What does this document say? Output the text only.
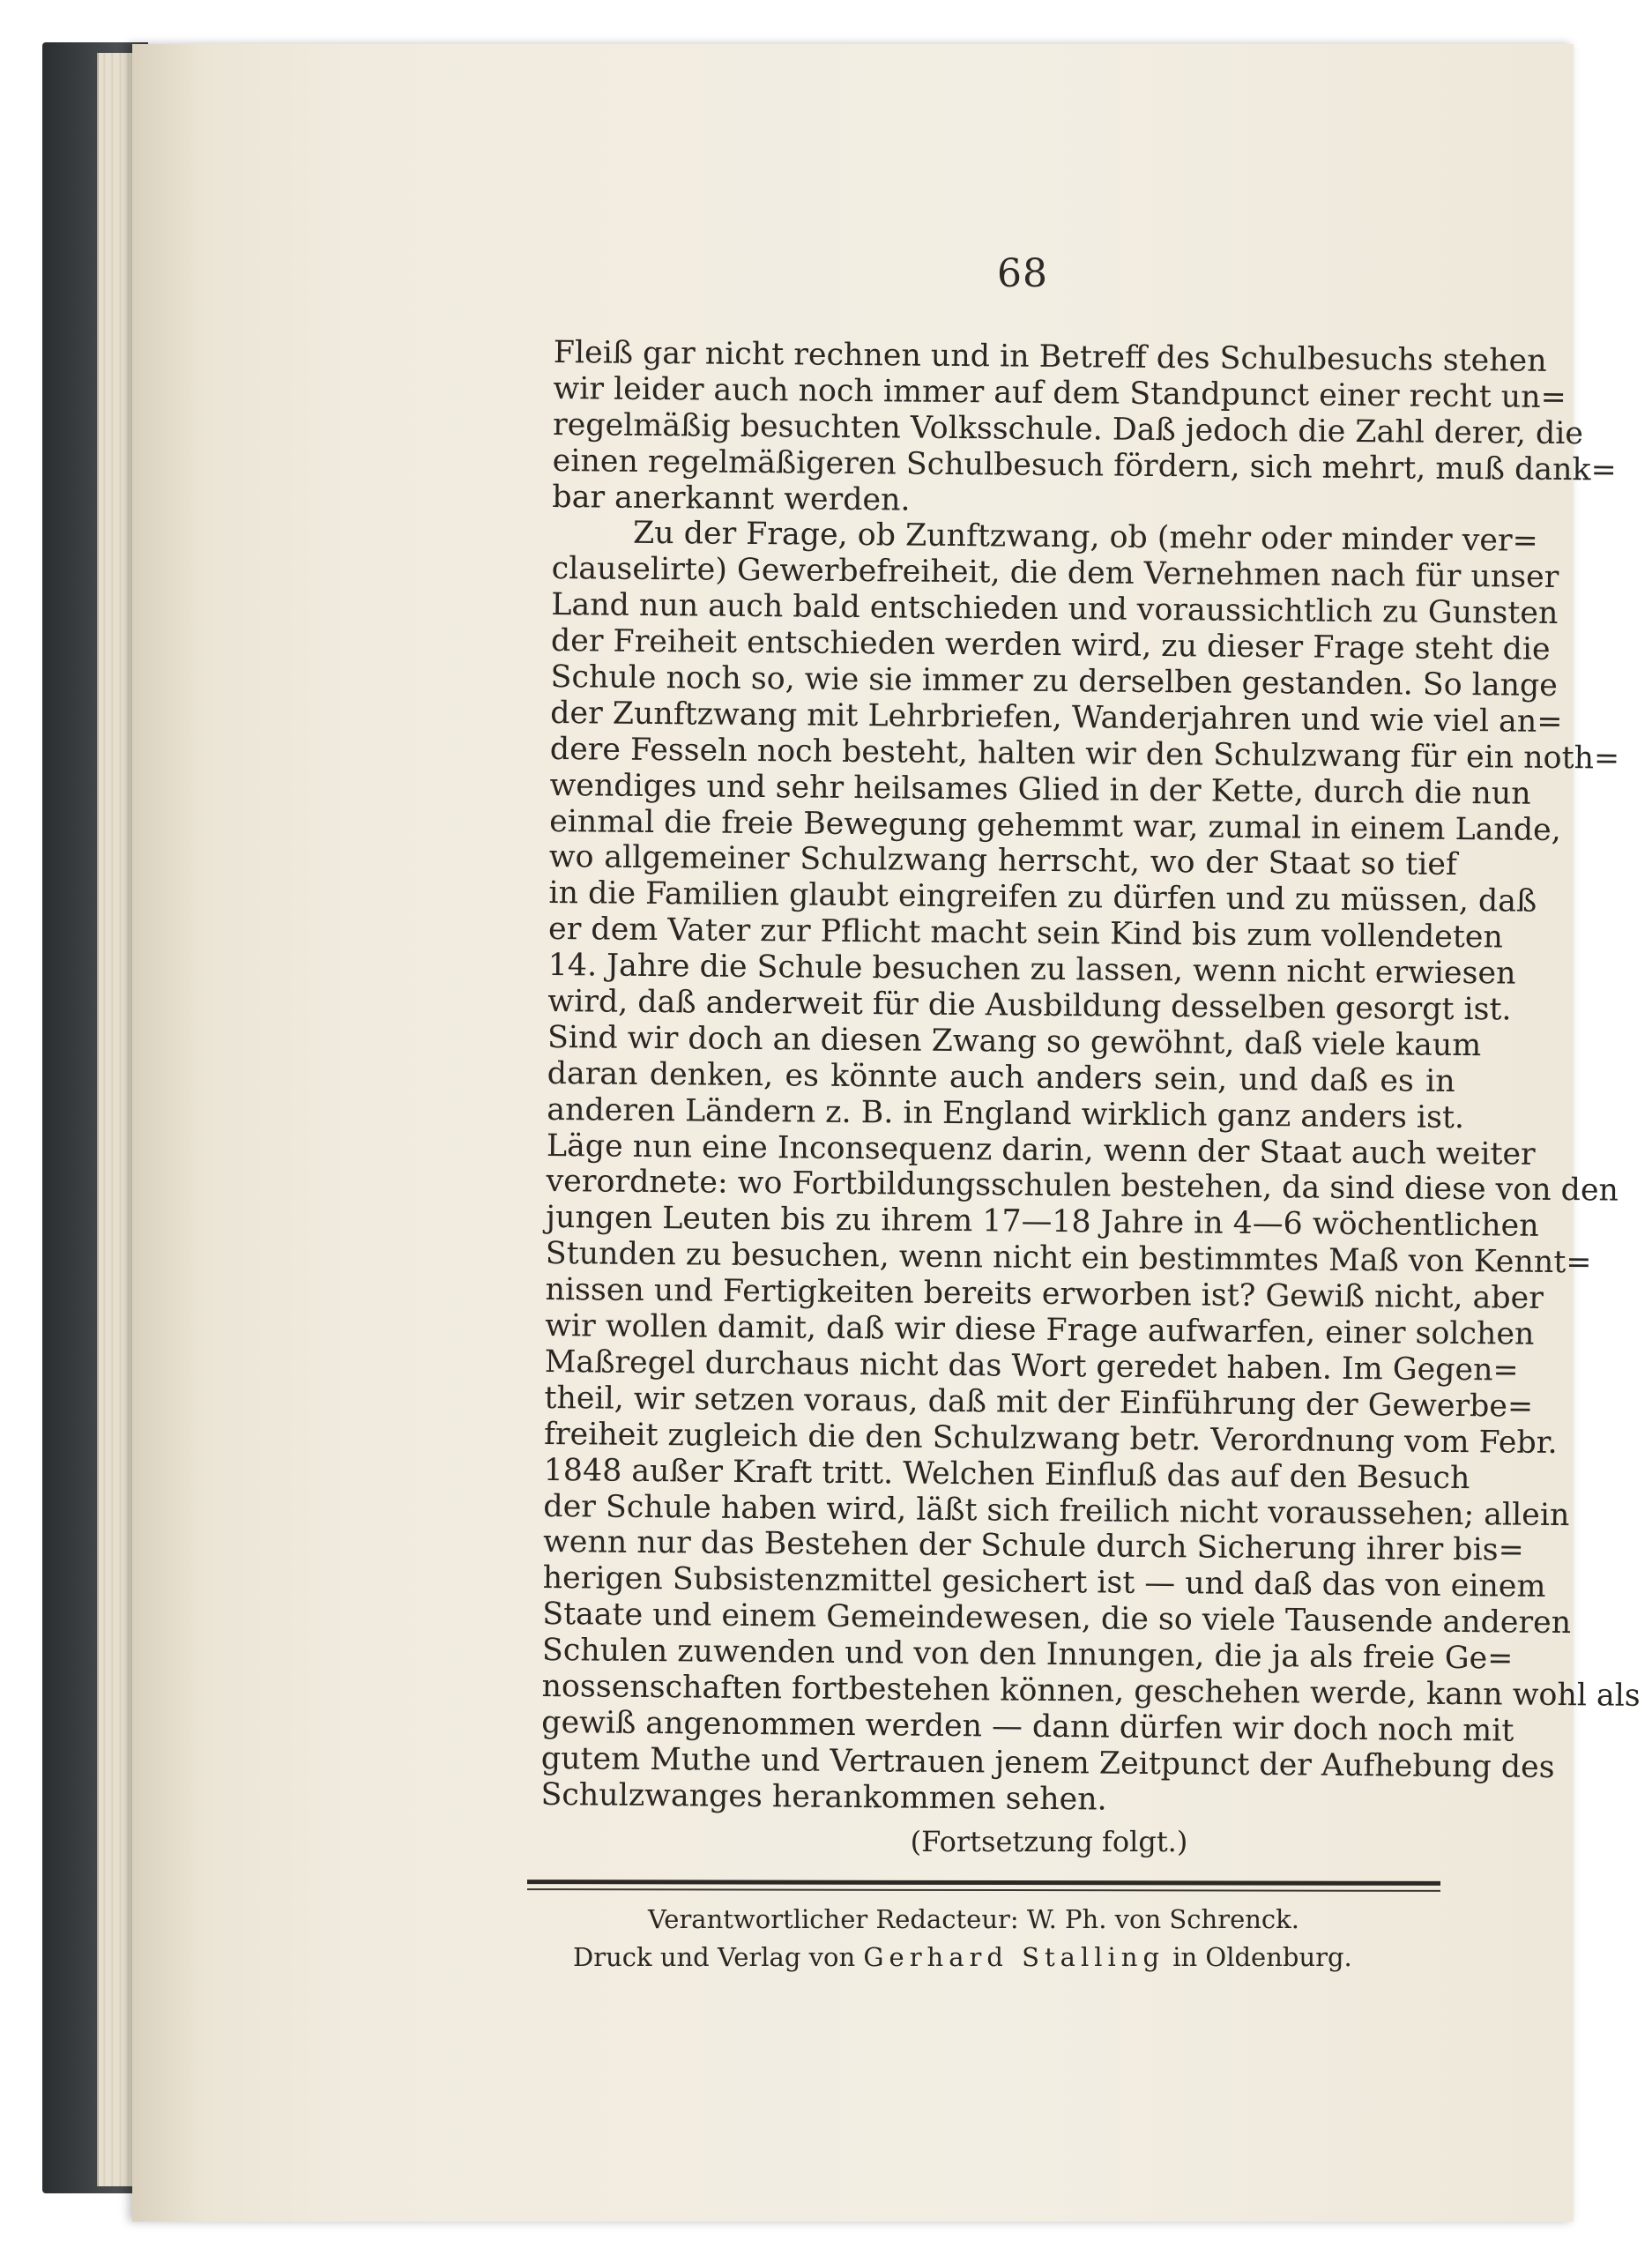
68
Fleiß gar nicht rechnen und in Betreff des Schulbesuchs stehen
wir leider auch noch immer auf dem Standpunct einer recht un=
regelmäßig besuchten Volksschule. Daß jedoch die Zahl derer, die
einen regelmäßigeren Schulbesuch fördern, sich mehrt, muß dank=
bar anerkannt werden.
Zu der Frage, ob Zunftzwang, ob (mehr oder minder ver=
clauselirte) Gewerbefreiheit, die dem Vernehmen nach für unser
Land nun auch bald entschieden und voraussichtlich zu Gunsten
der Freiheit entschieden werden wird, zu dieser Frage steht die
Schule noch so, wie sie immer zu derselben gestanden. So lange
der Zunftzwang mit Lehrbriefen, Wanderjahren und wie viel an=
dere Fesseln noch besteht, halten wir den Schulzwang für ein noth=
wendiges und sehr heilsames Glied in der Kette, durch die nun
einmal die freie Bewegung gehemmt war, zumal in einem Lande,
wo allgemeiner Schulzwang herrscht, wo der Staat so tief
in die Familien glaubt eingreifen zu dürfen und zu müssen, daß
er dem Vater zur Pflicht macht sein Kind bis zum vollendeten
14. Jahre die Schule besuchen zu lassen, wenn nicht erwiesen
wird, daß anderweit für die Ausbildung desselben gesorgt ist.
Sind wir doch an diesen Zwang so gewöhnt, daß viele kaum
daran denken, es könnte auch anders sein, und daß es in
anderen Ländern z. B. in England wirklich ganz anders ist.
Läge nun eine Inconsequenz darin, wenn der Staat auch weiter
verordnete: wo Fortbildungsschulen bestehen, da sind diese von den
jungen Leuten bis zu ihrem 17—18 Jahre in 4—6 wöchentlichen
Stunden zu besuchen, wenn nicht ein bestimmtes Maß von Kennt=
nissen und Fertigkeiten bereits erworben ist? Gewiß nicht, aber
wir wollen damit, daß wir diese Frage aufwarfen, einer solchen
Maßregel durchaus nicht das Wort geredet haben. Im Gegen=
theil, wir setzen voraus, daß mit der Einführung der Gewerbe=
freiheit zugleich die den Schulzwang betr. Verordnung vom Febr.
1848 außer Kraft tritt. Welchen Einfluß das auf den Besuch
der Schule haben wird, läßt sich freilich nicht voraussehen; allein
wenn nur das Bestehen der Schule durch Sicherung ihrer bis=
herigen Subsistenzmittel gesichert ist — und daß das von einem
Staate und einem Gemeindewesen, die so viele Tausende anderen
Schulen zuwenden und von den Innungen, die ja als freie Ge=
nossenschaften fortbestehen können, geschehen werde, kann wohl als
gewiß angenommen werden — dann dürfen wir doch noch mit
gutem Muthe und Vertrauen jenem Zeitpunct der Aufhebung des
Schulzwanges herankommen sehen.
(Fortsetzung folgt.)
Verantwortlicher Redacteur: W. Ph. von Schrenck.
Druck und Verlag von Gerhard Stalling in Oldenburg.
